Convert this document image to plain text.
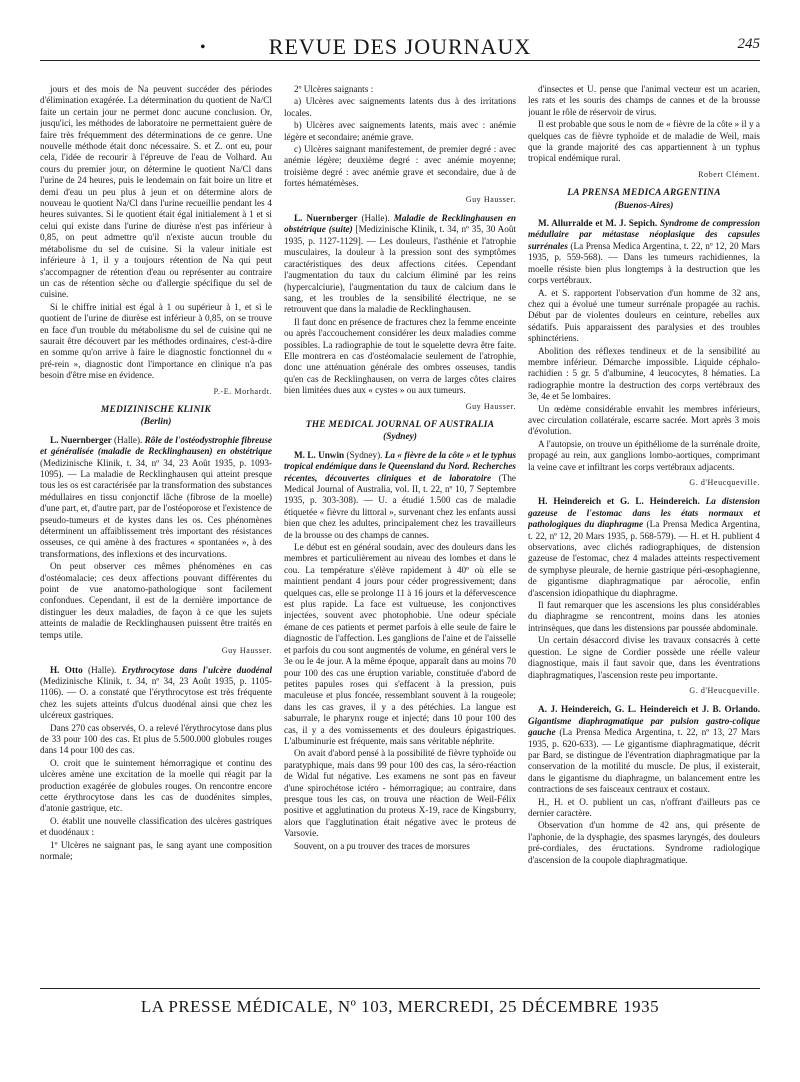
•	REVUE DES JOURNAUX	245

jours et des mois de Na peuvent succéder des périodes d'élimination exagérée. La détermination du quotient de Na/Cl faite un certain jour ne permet donc aucune conclusion. Or, jusqu'ici, les méthodes de laboratoire ne permettaient guère de faire très fréquemment des déterminations de ce genre. Une nouvelle méthode était donc nécessaire. S. et Z. ont eu, pour cela, l'idée de recourir à l'épreuve de l'eau de Volhard. Au cours du premier jour, on détermine le quotient Na/Cl dans l'urine de 24 heures, puis le lendemain on fait boire un litre et demi d'eau un peu plus à jeun et on détermine alors de nouveau le quotient Na/Cl dans l'urine recueillie pendant les 4 heures suivantes. Si le quotient était égal initialement à 1 et si celui qui existe dans l'urine de diurèse n'est pas inférieur à 0,85, on peut admettre qu'il n'existe aucun trouble du métabolisme du sel de cuisine. Si la valeur initiale est inférieure à 1, il y a toujours rétention de Na qui peut s'accompagner de rétention d'eau ou représenter au contraire un cas de rétention sèche ou d'allergie spécifique du sel de cuisine.

Si le chiffre initial est égal à 1 ou supérieur à 1, et si le quotient de l'urine de diurèse est inférieur à 0,85, on se trouve en face d'un trouble du métabolisme du sel de cuisine qui ne saurait être découvert par les méthodes ordinaires, c'est-à-dire en somme qu'on arrive à faire le diagnostic fonctionnel du « pré-rein », diagnostic dont l'importance en clinique n'a pas besoin d'être mise en évidence.

P.-E. Morhardt.
MEDIZINISCHE KLINIK
(Berlin)

L. Nuernberger (Halle). Rôle de l'ostéodystrophie fibreuse et généralisée (maladie de Recklinghausen) en obstétrique (Medizinische Klinik, t. 34, nº 34, 23 Août 1935, p. 1093-1095). — La maladie de Recklinghausen qui atteint presque tous les os est caractérisée par la transformation des substances médullaires en tissu conjonctif lâche (fibrose de la moelle) d'une part, et, d'autre part, par de l'ostéoporose et l'existence de pseudo-tumeurs et de kystes dans les os. Ces phénomènes déterminent un affaiblissement très important des résistances osseuses, ce qui amène à des fractures « spontanées », à des transformations, des inflexions et des incurvations.

On peut observer ces mêmes phénomènes en cas d'ostéomalacie; ces deux affections pouvant différentes du point de vue anatomo-pathologique sont facilement confondues. Cependant, il est de la dernière importance de distinguer les deux maladies, de façon à ce que les sujets atteints de maladie de Recklinghausen puissent être traités en temps utile.

Guy Hausser.

H. Otto (Halle). Erythrocytose dans l'ulcère duodénal (Medizinische Klinik, t. 34, nº 34, 23 Août 1935, p. 1105-1106). — O. a constaté que l'érythrocytose est très fréquente chez les sujets atteints d'ulcus duodénal ainsi que chez les ulcéreux gastriques.

Dans 270 cas observés, O. a relevé l'érythrocytose dans plus de 33 pour 100 des cas. Et plus de 5.500.000 globules rouges dans 14 pour 100 des cas.

O. croit que le suintement hémorragique et continu des ulcères amène une excitation de la moelle qui réagit par la production exagérée de globules rouges. On rencontre encore cette érythrocytose dans les cas de duodénites simples, d'atonie gastrique, etc.

O. établit une nouvelle classification des ulcères gastriques et duodénaux :

1º Ulcères ne saignant pas, le sang ayant une composition normale;

2º Ulcères saignants :

a) Ulcères avec saignements latents dus à des irritations locales.

b) Ulcères avec saignements latents, mais avec : anémie légère et secondaire; anémie grave.

c) Ulcères saignant manifestement, de premier degré : avec anémie légère; deuxième degré : avec anémie moyenne; troisième degré : avec anémie grave et secondaire, due à de fortes hématémèses.

Guy Hausser.

L. Nuernberger (Halle). Maladie de Recklinghausen en obstétrique (suite) [Medizinische Klinik, t. 34, nº 35, 30 Août 1935, p. 1127-1129]. — Les douleurs, l'asthénie et l'atrophie musculaires, la douleur à la pression sont des symptômes caractéristiques des deux affections citées. Cependant l'augmentation du taux du calcium éliminé par les reins (hypercalciurie), l'augmentation du taux de calcium dans le sang, et les troubles de la sensibilité électrique, ne se retrouvent que dans la maladie de Recklinghausen.

Il faut donc en présence de fractures chez la femme enceinte ou après l'accouchement considérer les deux maladies comme possibles. La radiographie de tout le squelette devra être faite. Elle montrera en cas d'ostéomalacie seulement de l'atrophie, donc une atténuation générale des ombres osseuses, tandis qu'en cas de Recklinghausen, on verra de larges côtes claires bien limitées dues aux « cystes » ou aux tumeurs.

Guy Hausser.
THE MEDICAL JOURNAL OF AUSTRALIA
(Sydney)

M. L. Unwin (Sydney). La « fièvre de la côte » et le typhus tropical endémique dans le Queensland du Nord. Recherches récentes, découvertes cliniques et de laboratoire (The Medical Journal of Australia, vol. II, t. 22, nº 10, 7 Septembre 1935, p. 303-308). — U. a étudié 1.500 cas de maladie étiquetée « fièvre du littoral », survenant chez les enfants aussi bien que chez les adultes, principalement chez les travailleurs de la brousse ou des champs de cannes.

Le début est en général soudain, avec des douleurs dans les membres et particulièrement au niveau des lombes et dans le cou. La température s'élève rapidement à 40º où elle se maintient pendant 4 jours pour céder progressivement; dans quelques cas, elle se prolonge 11 à 16 jours et la défervescence est plus rapide. La face est vultueuse, les conjonctives injectées, souvent avec photophobie. Une odeur spéciale émane de ces patients et permet parfois à elle seule de faire le diagnostic de l'affection. Les ganglions de l'aine et de l'aisselle et parfois du cou sont augmentés de volume, en général vers le 3e ou le 4e jour. A la même époque, apparaît dans au moins 70 pour 100 des cas une éruption variable, constituée d'abord de petites papules roses qui s'effacent à la pression, puis maculeuse et plus foncée, ressemblant souvent à la rougeole; dans les cas graves, il y a des pétéchies. La langue est saburrale, le pharynx rouge et injecté; dans 10 pour 100 des cas, il y a des vomissements et des douleurs épigastriques. L'albuminurie est fréquente, mais sans véritable néphrite.

On avait d'abord pensé à la possibilité de fièvre typhoïde ou paratyphique, mais dans 99 pour 100 des cas, la séro-réaction de Widal fut négative. Les examens ne sont pas en faveur d'une spirochétose ictéro - hémorragique; au contraire, dans presque tous les cas, on trouva une réaction de Weil-Félix positive et agglutination du proteus X-19, race de Kingsburry, alors que l'agglutination était négative avec le proteus de Varsovie.

Souvent, on a pu trouver des traces de morsures

d'insectes et U. pense que l'animal vecteur est un acarien, les rats et les souris des champs de cannes et de la brousse jouant le rôle de réservoir de virus.

Il est probable que sous le nom de « fièvre de la côte » il y a quelques cas de fièvre typhoïde et de maladie de Weil, mais que la grande majorité des cas appartiennent à un typhus tropical endémique rural.

Robert Clément.
LA PRENSA MEDICA ARGENTINA
(Buenos-Aires)

M. Allurralde et M. J. Sepich. Syndrome de compression médullaire par métastase néoplasique des capsules surrénales (La Prensa Medica Argentina, t. 22, nº 12, 20 Mars 1935, p. 559-568). — Dans les tumeurs rachidiennes, la moelle résiste bien plus longtemps à la destruction que les corps vertébraux.

A. et S. rapportent l'observation d'un homme de 32 ans, chez qui a évolué une tumeur surrénale propagée au rachis. Début par de violentes douleurs en ceinture, rebelles aux sédatifs. Puis apparaissent des paralysies et des troubles sphinctériens.

Abolition des réflexes tendineux et de la sensibilité au membre inférieur. Démarche impossible. Liquide céphalo-rachidien : 5 gr. 5 d'albumine, 4 leucocytes, 8 hématies. La radiographie montre la destruction des corps vertébraux des 3e, 4e et 5e lombaires.

Un œdème considérable envahit les membres inférieurs, avec circulation collatérale, escarre sacrée. Mort après 3 mois d'évolution.

A l'autopsie, on trouve un épithéliome de la surrénale droite, propagé au rein, aux ganglions lombo-aortiques, comprimant la veine cave et infiltrant les corps vertébraux adjacents.

G. d'Heucqueville.

H. Heindereich et G. L. Heindereich. La distension gazeuse de l'estomac dans les états normaux et pathologiques du diaphragme (La Prensa Medica Argentina, t. 22, nº 12, 20 Mars 1935, p. 568-579). — H. et H. publient 4 observations, avec clichés radiographiques, de distension gazeuse de l'estomac, chez 4 malades atteints respectivement de symphyse pleurale, de hernie gastrique péri-œsophagienne, de gigantisme diaphragmatique par aérocolie, enfin d'ascension idiopathique du diaphragme.

Il faut remarquer que les ascensions les plus considérables du diaphragme se rencontrent, moins dans les atonies intrinsèques, que dans les distensions par poussée abdominale.

Un certain désaccord divise les travaux consacrés à cette question. Le signe de Cordier possède une réelle valeur diagnostique, mais il faut savoir que, dans les éventrations diaphragmatiques, l'ascension reste peu importante.

G. d'Heucqueville.

A. J. Heindereich, G. L. Heindereich et J. B. Orlando. Gigantisme diaphragmatique par pulsion gastro-colique gauche (La Prensa Medica Argentina, t. 22, nº 13, 27 Mars 1935, p. 620-633). — Le gigantisme diaphragmatique, décrit par Bard, se distingue de l'éventration diaphragmatique par la conservation de la motilité du muscle. De plus, il existerait, dans le gigantisme du diaphragme, un balancement entre les contractions de ses faisceaux centraux et costaux.

H., H. et O. publient un cas, n'offrant d'ailleurs pas ce dernier caractère.

Observation d'un homme de 42 ans, qui présente de l'aphonie, de la dysphagie, des spasmes laryngés, des douleurs pré-cordiales, des éructations. Syndrome radiologique d'ascension de la coupole diaphragmatique.

LA PRESSE MÉDICALE, Nº 103, MERCREDI, 25 DÉCEMBRE 1935
